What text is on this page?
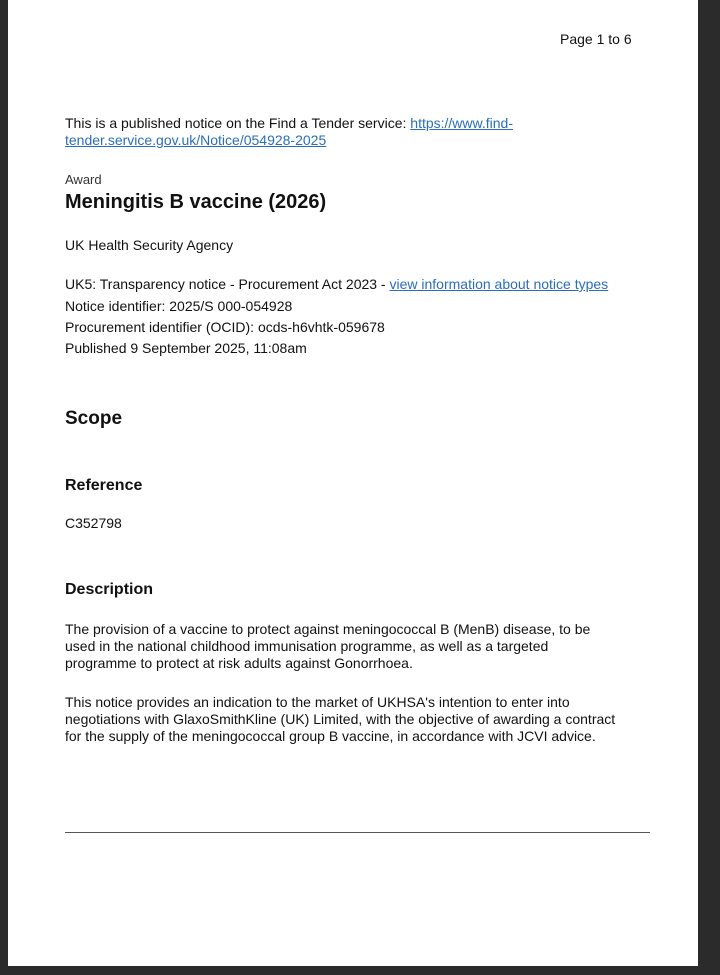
Page 1 to 6
This is a published notice on the Find a Tender service: https://www.find-
tender.service.gov.uk/Notice/054928-2025
Award
Meningitis B vaccine (2026)
UK Health Security Agency
UK5: Transparency notice - Procurement Act 2023 - view information about notice types
Notice identifier: 2025/S 000-054928
Procurement identifier (OCID): ocds-h6vhtk-059678
Published 9 September 2025, 11:08am
Scope
Reference
C352798
Description
The provision of a vaccine to protect against meningococcal B (MenB) disease, to be
used in the national childhood immunisation programme, as well as a targeted
programme to protect at risk adults against Gonorrhoea.
This notice provides an indication to the market of UKHSA's intention to enter into
negotiations with GlaxoSmithKline (UK) Limited, with the objective of awarding a contract
for the supply of the meningococcal group B vaccine, in accordance with JCVI advice.
